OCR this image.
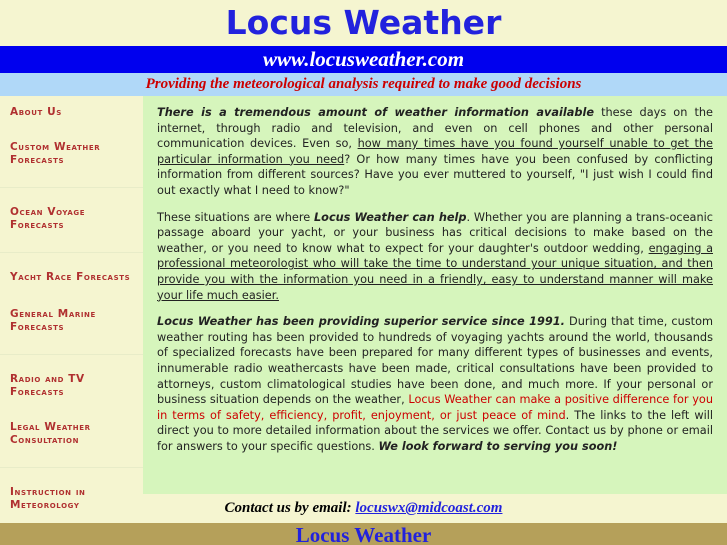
Locus Weather
www.locusweather.com
Providing the meteorological analysis required to make good decisions
About Us
Custom Weather Forecasts
Ocean Voyage Forecasts
Yacht Race Forecasts
General Marine Forecasts
Radio and TV Forecasts
Legal Weather Consultation
Instruction in Meteorology

There is a tremendous amount of weather information available these days on the internet, through radio and television, and even on cell phones and other personal communication devices. Even so, how many times have you found yourself unable to get the particular information you need? Or how many times have you been confused by conflicting information from different sources? Have you ever muttered to yourself, "I just wish I could find out exactly what I need to know?"

These situations are where Locus Weather can help. Whether you are planning a trans-oceanic passage aboard your yacht, or your business has critical decisions to make based on the weather, or you need to know what to expect for your daughter's outdoor wedding, engaging a professional meteorologist who will take the time to understand your unique situation, and then provide you with the information you need in a friendly, easy to understand manner will make your life much easier.

Locus Weather has been providing superior service since 1991. During that time, custom weather routing has been provided to hundreds of voyaging yachts around the world, thousands of specialized forecasts have been prepared for many different types of businesses and events, innumerable radio weathercasts have been made, critical consultations have been provided to attorneys, custom climatological studies have been done, and much more. If your personal or business situation depends on the weather, Locus Weather can make a positive difference for you in terms of safety, efficiency, profit, enjoyment, or just peace of mind. The links to the left will direct you to more detailed information about the services we offer. Contact us by phone or email for answers to your specific questions. We look forward to serving you soon!

Contact us by email: locuswx@midcoast.com
Locus Weather
